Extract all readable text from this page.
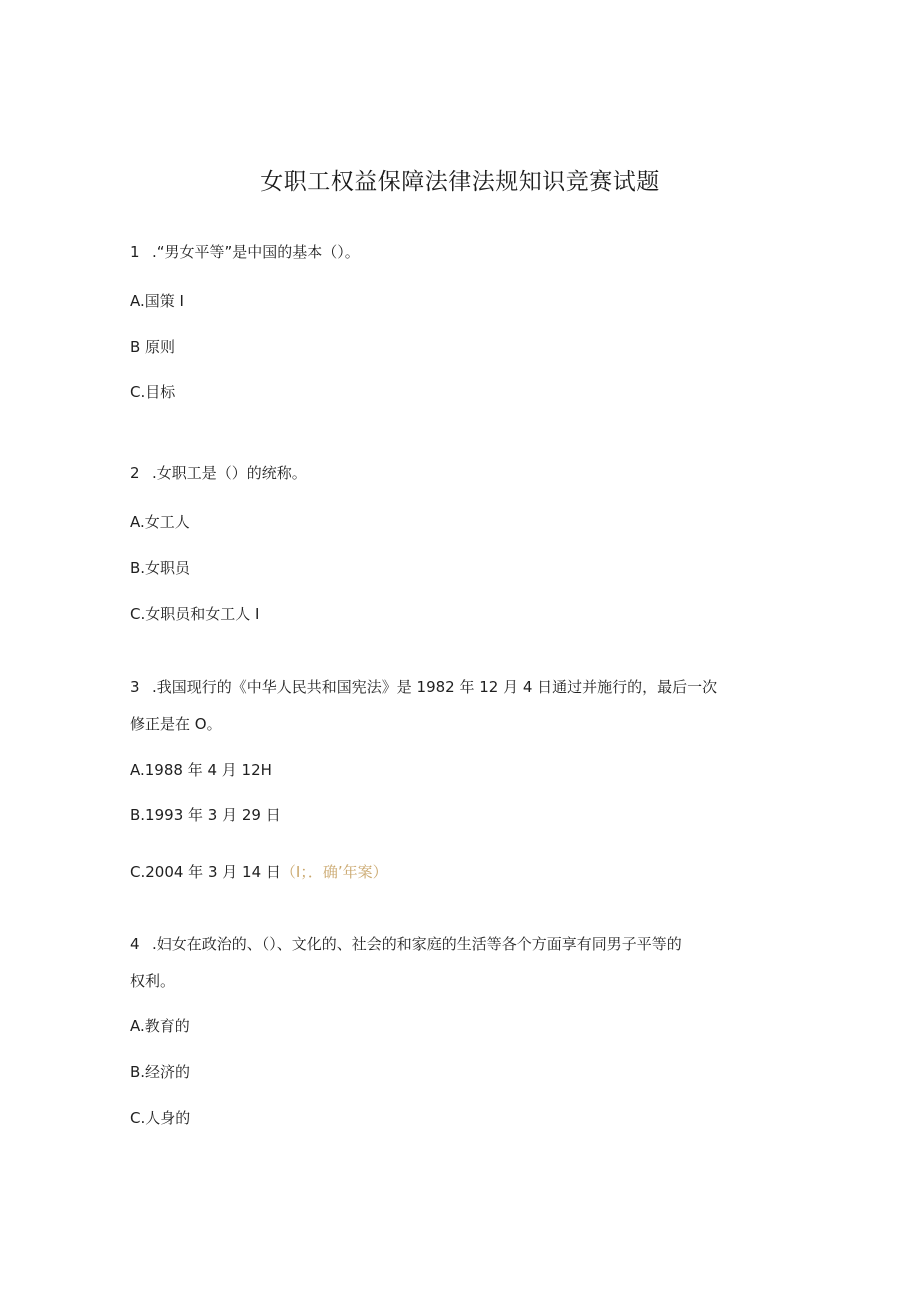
女职工权益保障法律法规知识竞赛试题
1 .“男女平等”是中国的基本（）。
A.国策 I
B 原则
C.目标
2 .女职工是（）的统称。
A.女工人
B.女职员
C.女职员和女工人 I
3 .我国现行的《中华人民共和国宪法》是 1982 年 12 月 4 日通过并施行的，最后一次
修正是在 O。
A.1988 年 4 月 12H
B.1993 年 3 月 29 日
C.2004 年 3 月 14 日（I；．确’年案）
4 .妇女在政治的、（）、文化的、社会的和家庭的生活等各个方面享有同男子平等的
权利。
A.教育的
B.经济的
C.人身的
